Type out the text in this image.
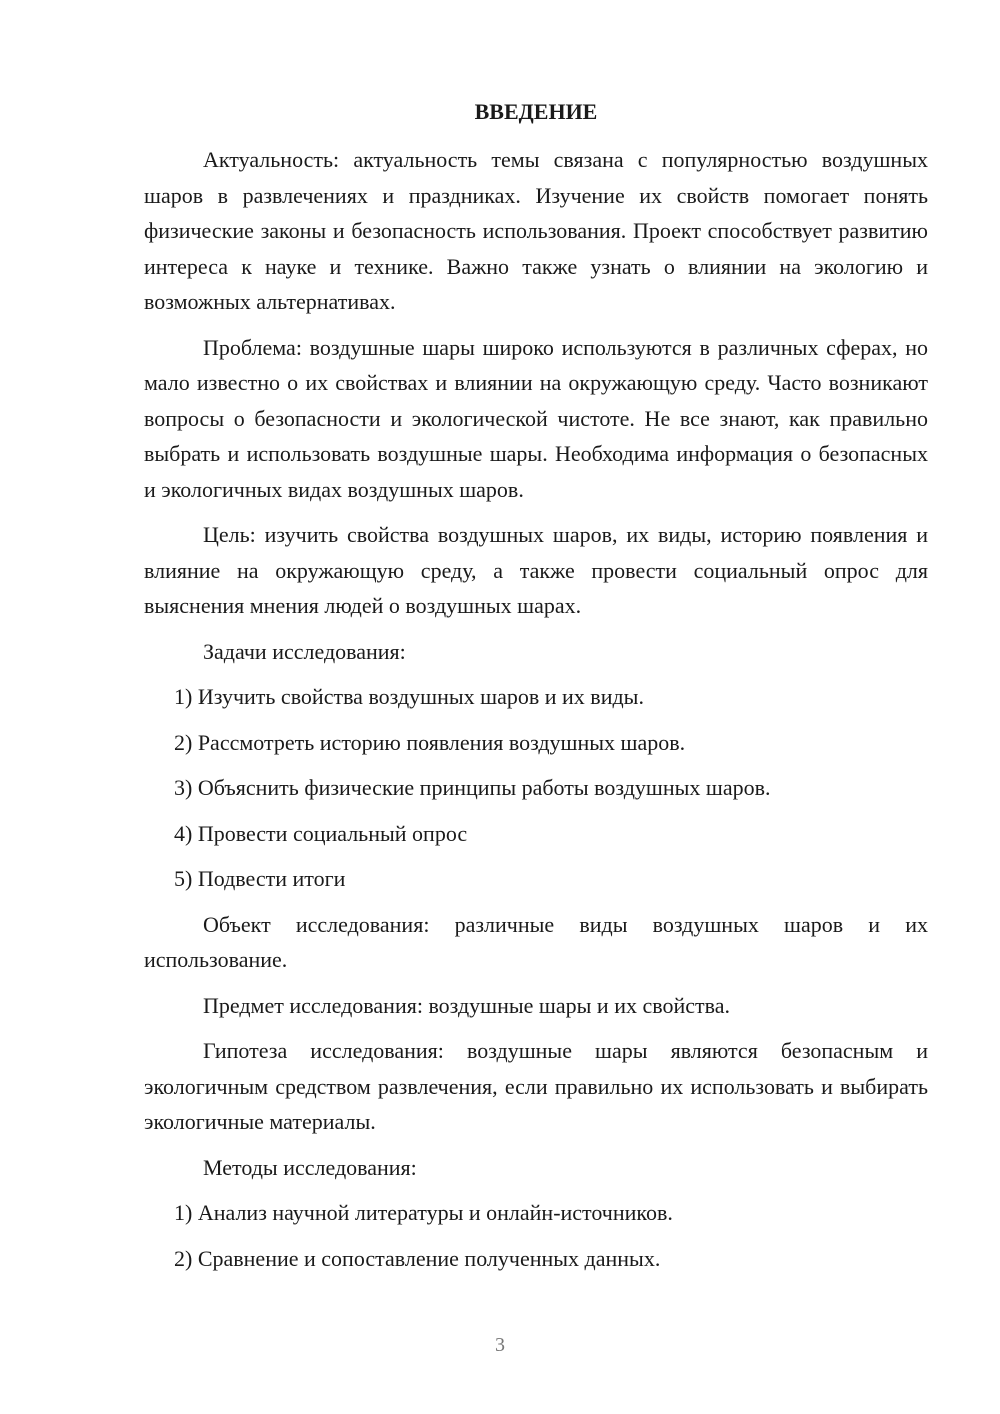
ВВЕДЕНИЕ

Актуальность: актуальность темы связана с популярностью воздушных шаров в развлечениях и праздниках. Изучение их свойств помогает понять физические законы и безопасность использования. Проект способствует развитию интереса к науке и технике. Важно также узнать о влиянии на экологию и возможных альтернативах.

Проблема: воздушные шары широко используются в различных сферах, но мало известно о их свойствах и влиянии на окружающую среду. Часто возникают вопросы о безопасности и экологической чистоте. Не все знают, как правильно выбрать и использовать воздушные шары. Необходима информация о безопасных и экологичных видах воздушных шаров.

Цель: изучить свойства воздушных шаров, их виды, историю появления и влияние на окружающую среду, а также провести социальный опрос для выяснения мнения людей о воздушных шарах.

Задачи исследования:

1) Изучить свойства воздушных шаров и их виды.
2) Рассмотреть историю появления воздушных шаров.
3) Объяснить физические принципы работы воздушных шаров.
4) Провести социальный опрос
5) Подвести итоги

Объект исследования: различные виды воздушных шаров и их использование.

Предмет исследования: воздушные шары и их свойства.

Гипотеза исследования: воздушные шары являются безопасным и экологичным средством развлечения, если правильно их использовать и выбирать экологичные материалы.

Методы исследования:

1) Анализ научной литературы и онлайн-источников.
2) Сравнение и сопоставление полученных данных.
3
